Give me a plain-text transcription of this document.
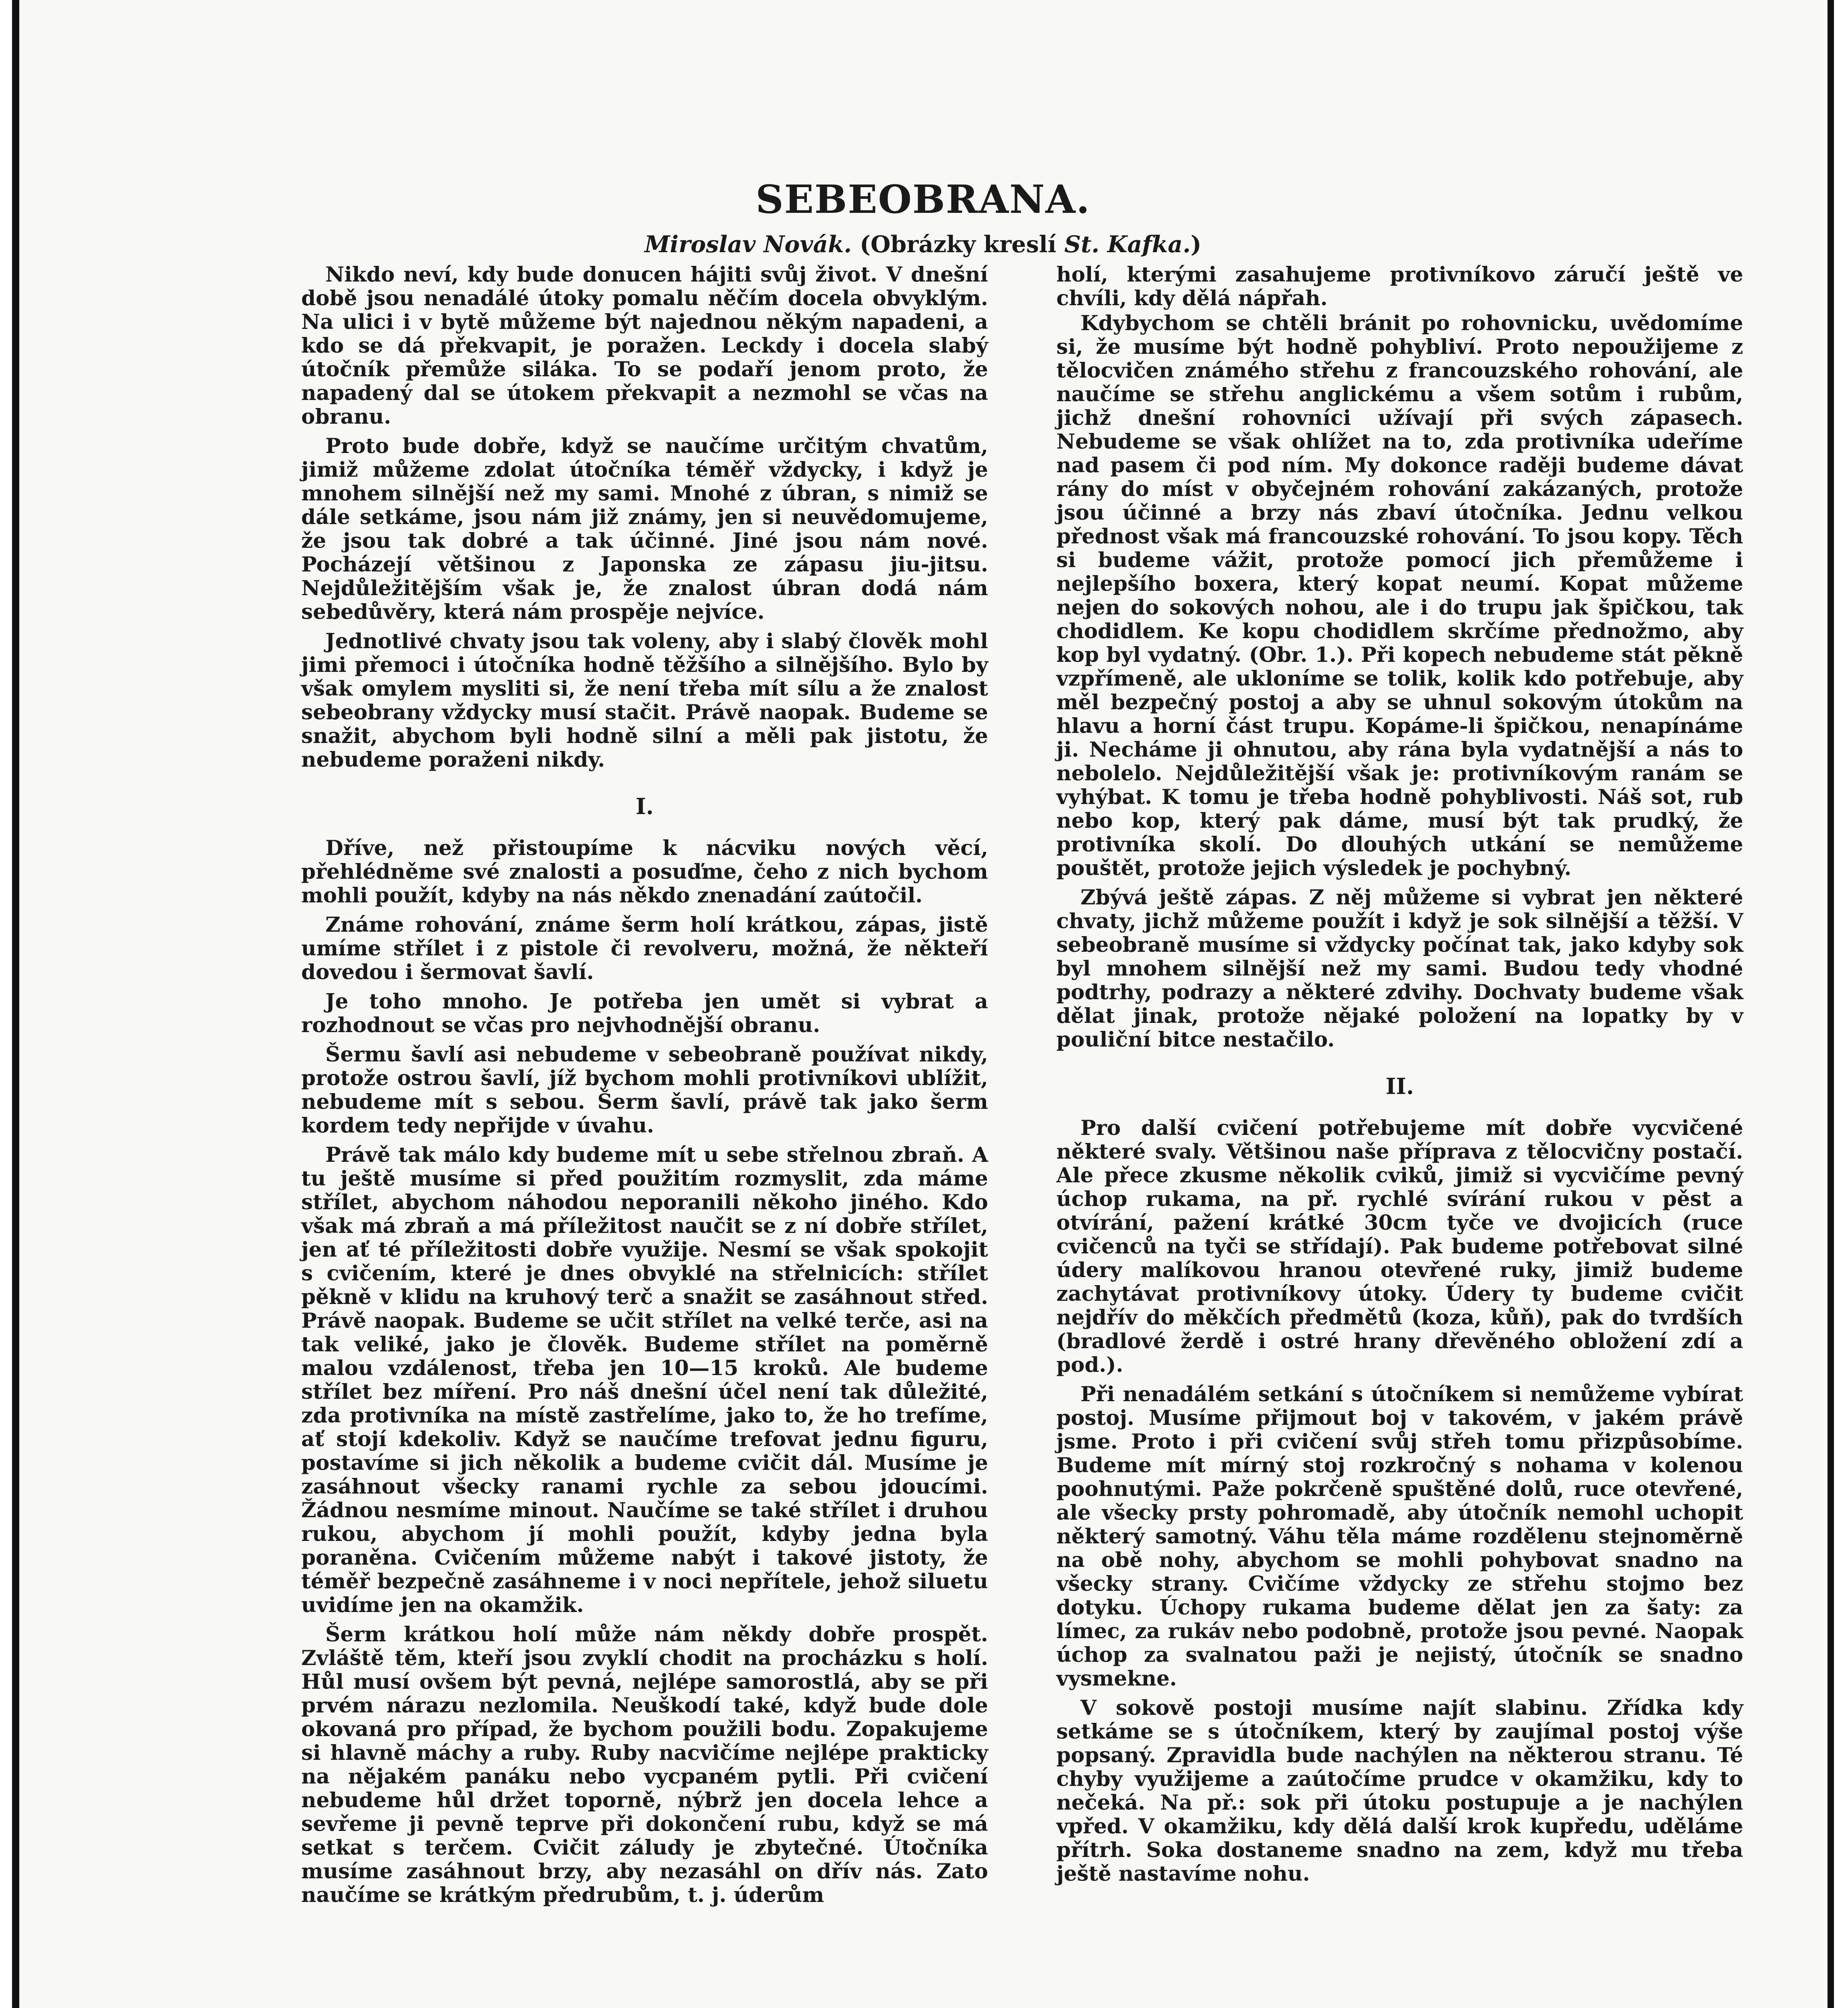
SEBEOBRANA.
Miroslav Novák. (Obrázky kreslí St. Kafka.)

Nikdo neví, kdy bude donucen hájiti svůj život. V dnešní době jsou nenadálé útoky pomalu něčím docela obvyklým. Na ulici i v bytě můžeme být najednou někým napadeni, a kdo se dá překvapit, je poražen. Leckdy i docela slabý útočník přemůže siláka. To se podaří jenom proto, že napadený dal se útokem překvapit a nezmohl se včas na obranu.

Proto bude dobře, když se naučíme určitým chvatům, jimiž můžeme zdolat útočníka téměř vždycky, i když je mnohem silnější než my sami. Mnohé z úbran, s nimiž se dále setkáme, jsou nám již známy, jen si neuvědomujeme, že jsou tak dobré a tak účinné. Jiné jsou nám nové. Pocházejí většinou z Japonska ze zápasu jiu-jitsu. Nejdůležitějším však je, že znalost úbran dodá nám sebedůvěry, která nám prospěje nejvíce.

Jednotlivé chvaty jsou tak voleny, aby i slabý člověk mohl jimi přemoci i útočníka hodně těžšího a silnějšího. Bylo by však omylem mysliti si, že není třeba mít sílu a že znalost sebeobrany vždycky musí stačit. Právě naopak. Budeme se snažit, abychom byli hodně silní a měli pak jistotu, že nebudeme poraženi nikdy.

I.

Dříve, než přistoupíme k nácviku nových věcí, přehlédněme své znalosti a posuďme, čeho z nich bychom mohli použít, kdyby na nás někdo znenadání zaútočil.

Známe rohování, známe šerm holí krátkou, zápas, jistě umíme střílet i z pistole či revolveru, možná, že někteří dovedou i šermovat šavlí.

Je toho mnoho. Je potřeba jen umět si vybrat a rozhodnout se včas pro nejvhodnější obranu.

Šermu šavlí asi nebudeme v sebeobraně používat nikdy, protože ostrou šavlí, jíž bychom mohli protivníkovi ublížit, nebudeme mít s sebou. Šerm šavlí, právě tak jako šerm kordem tedy nepřijde v úvahu.

Právě tak málo kdy budeme mít u sebe střelnou zbraň. A tu ještě musíme si před použitím rozmyslit, zda máme střílet, abychom náhodou neporanili někoho jiného. Kdo však má zbraň a má příležitost naučit se z ní dobře střílet, jen ať té příležitosti dobře využije. Nesmí se však spokojit s cvičením, které je dnes obvyklé na střelnicích: střílet pěkně v klidu na kruhový terč a snažit se zasáhnout střed. Právě naopak. Budeme se učit střílet na velké terče, asi na tak veliké, jako je člověk. Budeme střílet na poměrně malou vzdálenost, třeba jen 10—15 kroků. Ale budeme střílet bez míření. Pro náš dnešní účel není tak důležité, zda protivníka na místě zastřelíme, jako to, že ho trefíme, ať stojí kdekoliv. Když se naučíme trefovat jednu figuru, postavíme si jich několik a budeme cvičit dál. Musíme je zasáhnout všecky ranami rychle za sebou jdoucími. Žádnou nesmíme minout. Naučíme se také střílet i druhou rukou, abychom jí mohli použít, kdyby jedna byla poraněna. Cvičením můžeme nabýt i takové jistoty, že téměř bezpečně zasáhneme i v noci nepřítele, jehož siluetu uvidíme jen na okamžik.

Šerm krátkou holí může nám někdy dobře prospět. Zvláště těm, kteří jsou zvyklí chodit na procházku s holí. Hůl musí ovšem být pevná, nejlépe samorostlá, aby se při prvém nárazu nezlomila. Neuškodí také, když bude dole okovaná pro případ, že bychom použili bodu. Zopakujeme si hlavně máchy a ruby. Ruby nacvičíme nejlépe prakticky na nějakém panáku nebo vycpaném pytli. Při cvičení nebudeme hůl držet toporně, nýbrž jen docela lehce a sevřeme ji pevně teprve při dokončení rubu, když se má setkat s terčem. Cvičit záludy je zbytečné. Útočníka musíme zasáhnout brzy, aby nezasáhl on dřív nás. Zato naučíme se krátkým předrubům, t. j. úderům

holí, kterými zasahujeme protivníkovo záručí ještě ve chvíli, kdy dělá nápřah.

Kdybychom se chtěli bránit po rohovnicku, uvědomíme si, že musíme být hodně pohybliví. Proto nepoužijeme z tělocvičen známého střehu z francouzského rohování, ale naučíme se střehu anglickému a všem sotům i rubům, jichž dnešní rohovníci užívají při svých zápasech. Nebudeme se však ohlížet na to, zda protivníka udeříme nad pasem či pod ním. My dokonce raději budeme dávat rány do míst v obyčejném rohování zakázaných, protože jsou účinné a brzy nás zbaví útočníka. Jednu velkou přednost však má francouzské rohování. To jsou kopy. Těch si budeme vážit, protože pomocí jich přemůžeme i nejlepšího boxera, který kopat neumí. Kopat můžeme nejen do sokových nohou, ale i do trupu jak špičkou, tak chodidlem. Ke kopu chodidlem skrčíme přednožmo, aby kop byl vydatný. (Obr. 1.). Při kopech nebudeme stát pěkně vzpřímeně, ale ukloníme se tolik, kolik kdo potřebuje, aby měl bezpečný postoj a aby se uhnul sokovým útokům na hlavu a horní část trupu. Kopáme-li špičkou, nenapínáme ji. Necháme ji ohnutou, aby rána byla vydatnější a nás to nebolelo. Nejdůležitější však je: protivníkovým ranám se vyhýbat. K tomu je třeba hodně pohyblivosti. Náš sot, rub nebo kop, který pak dáme, musí být tak prudký, že protivníka skolí. Do dlouhých utkání se nemůžeme pouštět, protože jejich výsledek je pochybný.

Zbývá ještě zápas. Z něj můžeme si vybrat jen některé chvaty, jichž můžeme použít i když je sok silnější a těžší. V sebeobraně musíme si vždycky počínat tak, jako kdyby sok byl mnohem silnější než my sami. Budou tedy vhodné podtrhy, podrazy a některé zdvihy. Dochvaty budeme však dělat jinak, protože nějaké položení na lopatky by v pouliční bitce nestačilo.

II.

Pro další cvičení potřebujeme mít dobře vycvičené některé svaly. Většinou naše příprava z tělocvičny postačí. Ale přece zkusme několik cviků, jimiž si vycvičíme pevný úchop rukama, na př. rychlé svírání rukou v pěst a otvírání, pažení krátké 30cm tyče ve dvojicích (ruce cvičenců na tyči se střídají). Pak budeme potřebovat silné údery malíkovou hranou otevřené ruky, jimiž budeme zachytávat protivníkovy útoky. Údery ty budeme cvičit nejdřív do měkčích předmětů (koza, kůň), pak do tvrdších (bradlové žerdě i ostré hrany dřevěného obložení zdí a pod.).

Při nenadálém setkání s útočníkem si nemůžeme vybírat postoj. Musíme přijmout boj v takovém, v jakém právě jsme. Proto i při cvičení svůj střeh tomu přizpůsobíme. Budeme mít mírný stoj rozkročný s nohama v kolenou poohnutými. Paže pokrčeně spuštěné dolů, ruce otevřené, ale všecky prsty pohromadě, aby útočník nemohl uchopit některý samotný. Váhu těla máme rozdělenu stejnoměrně na obě nohy, abychom se mohli pohybovat snadno na všecky strany. Cvičíme vždycky ze střehu stojmo bez dotyku. Úchopy rukama budeme dělat jen za šaty: za límec, za rukáv nebo podobně, protože jsou pevné. Naopak úchop za svalnatou paži je nejistý, útočník se snadno vysmekne.

V sokově postoji musíme najít slabinu. Zřídka kdy setkáme se s útočníkem, který by zaujímal postoj výše popsaný. Zpravidla bude nachýlen na některou stranu. Té chyby využijeme a zaútočíme prudce v okamžiku, kdy to nečeká. Na př.: sok při útoku postupuje a je nachýlen vpřed. V okamžiku, kdy dělá další krok kupředu, uděláme přítrh. Soka dostaneme snadno na zem, když mu třeba ještě nastavíme nohu.
